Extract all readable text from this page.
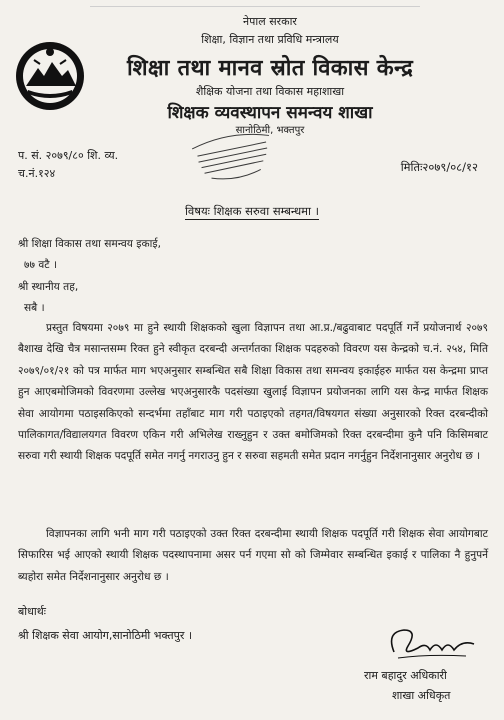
नेपाल सरकार
शिक्षा, विज्ञान तथा प्रविधि मन्त्रालय
शिक्षा तथा मानव स्रोत विकास केन्द्र
शैक्षिक योजना तथा विकास महाशाखा
शिक्षक व्यवस्थापन समन्वय शाखा
सानोठिमी, भक्तपुर
प. सं. २०७९/८० शि. व्य.
च.नं.१२४	मितिः२०७९/०८/१२
विषयः शिक्षक सरुवा सम्बन्धमा ।
श्री शिक्षा विकास तथा समन्वय इकाई,
७७ वटै ।
श्री स्थानीय तह,
सबै ।
प्रस्तुत विषयमा २०७९ मा हुने स्थायी शिक्षकको खुला विज्ञापन तथा आ.प्र./बढुवाबाट पदपूर्ति गर्ने प्रयोजनार्थ २०७९ बैशाख देखि चैत्र मसान्तसम्म रिक्त हुने स्वीकृत दरबन्दी अन्तर्गतका शिक्षक पदहरुको विवरण यस केन्द्रको च.नं. २५४, मिति २०७९/०१/२१ को पत्र मार्फत माग भएअनुसार सम्बन्धित सबै शिक्षा विकास तथा समन्वय इकाईहरु मार्फत यस केन्द्रमा प्राप्त हुन आएबमोजिमको विवरणमा उल्लेख भएअनुसारकै पदसंख्या खुलाई विज्ञापन प्रयोजनका लागि यस केन्द्र मार्फत शिक्षक सेवा आयोगमा पठाइसकिएको सन्दर्भमा तहाँबाट माग गरी पठाइएको तहगत/विषयगत संख्या अनुसारको रिक्त दरबन्दीको पालिकागत/विद्यालयगत विवरण एकिन गरी अभिलेख राख्नुहुन र उक्त बमोजिमको रिक्त दरबन्दीमा कुनै पनि किसिमबाट सरुवा गरी स्थायी शिक्षक पदपूर्ति समेत नगर्नु नगराउनु हुन र सरुवा सहमती समेत प्रदान नगर्नुहुन निर्देशनानुसार अनुरोध छ ।
विज्ञापनका लागि भनी माग गरी पठाइएको उक्त रिक्त दरबन्दीमा स्थायी शिक्षक पदपूर्ति गरी शिक्षक सेवा आयोगबाट सिफारिस भई आएको स्थायी शिक्षक पदस्थापनामा असर पर्न गएमा सो को जिम्मेवार सम्बन्धित इकाई र पालिका नै हुनुपर्ने ब्यहोरा समेत निर्देशनानुसार अनुरोध छ ।
बोधार्थः
श्री शिक्षक सेवा आयोग,सानोठिमी भक्तपुर ।
राम बहादुर अधिकारी
शाखा अधिकृत
